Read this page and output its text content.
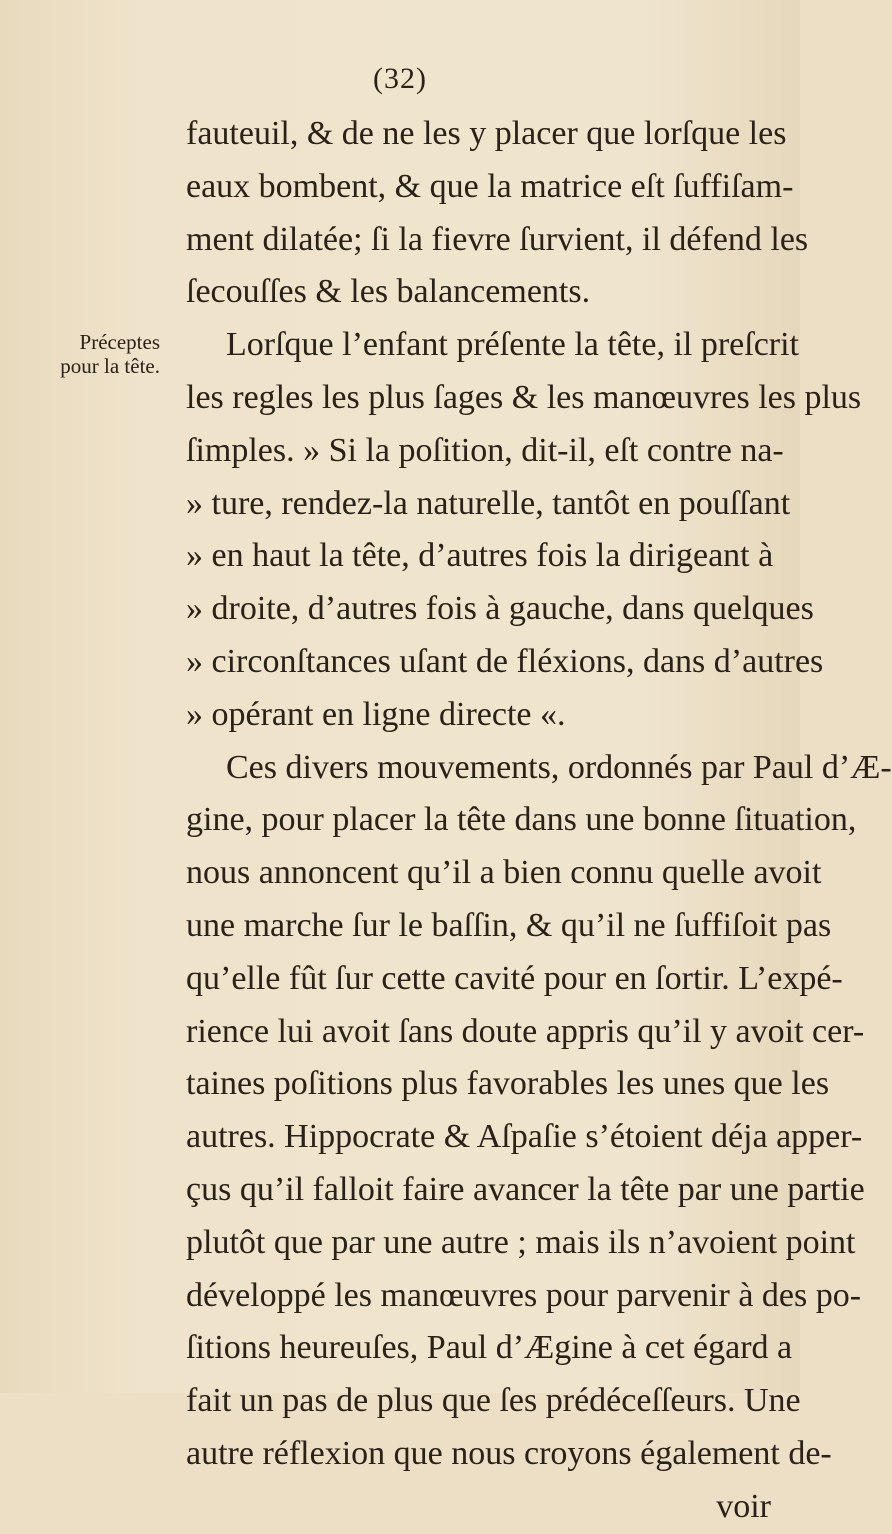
(32)
Préceptes
pour la tête.
fauteuil, & de ne les y placer que lorſque les
eaux bombent, & que la matrice eſt ſuffiſam-
ment dilatée; ſi la fievre ſurvient, il défend les
ſecouſſes & les balancements.
Lorſque l’enfant préſente la tête, il preſcrit
les regles les plus ſages & les manœuvres les plus
ſimples. » Si la poſition, dit-il, eſt contre na-
» ture, rendez-la naturelle, tantôt en pouſſant
» en haut la tête, d’autres fois la dirigeant à
» droite, d’autres fois à gauche, dans quelques
» circonſtances uſant de fléxions, dans d’autres
» opérant en ligne directe «.
Ces divers mouvements, ordonnés par Paul d’Æ-
gine, pour placer la tête dans une bonne ſituation,
nous annoncent qu’il a bien connu quelle avoit
une marche ſur le baſſin, & qu’il ne ſuffiſoit pas
qu’elle fût ſur cette cavité pour en ſortir. L’expé-
rience lui avoit ſans doute appris qu’il y avoit cer-
taines poſitions plus favorables les unes que les
autres. Hippocrate & Aſpaſie s’étoient déja apper-
çus qu’il falloit faire avancer la tête par une partie
plutôt que par une autre ; mais ils n’avoient point
développé les manœuvres pour parvenir à des po-
ſitions heureuſes, Paul d’Ægine à cet égard a
fait un pas de plus que ſes prédéceſſeurs. Une
autre réflexion que nous croyons également de-
voir
